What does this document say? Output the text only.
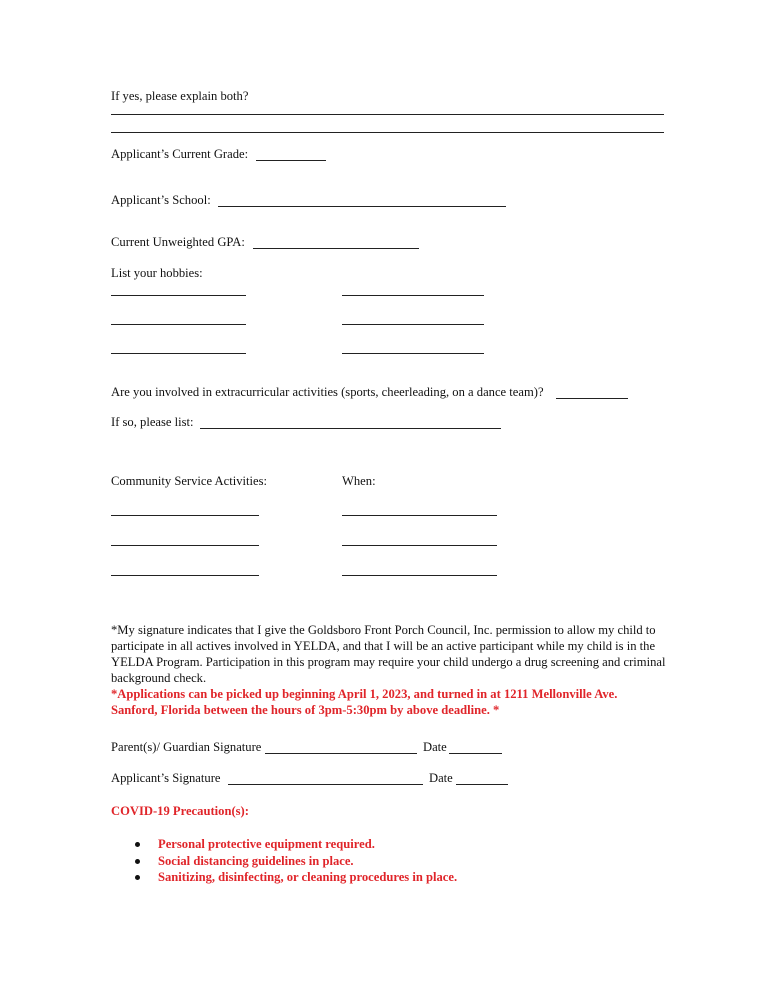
If yes, please explain both?
Applicant’s Current Grade:
Applicant’s School:
Current Unweighted GPA:
List your hobbies:
Are you involved in extracurricular activities (sports, cheerleading, on a dance team)?
If so, please list:
Community Service Activities:	When:
*My signature indicates that I give the Goldsboro Front Porch Council, Inc. permission to allow my child to participate in all actives involved in YELDA, and that I will be an active participant while my child is in the YELDA Program. Participation in this program may require your child undergo a drug screening and criminal background check.
*Applications can be picked up beginning April 1, 2023, and turned in at 1211 Mellonville Ave. Sanford, Florida between the hours of 3pm-5:30pm by above deadline. *
Parent(s)/ Guardian Signature	Date
Applicant’s Signature	Date
COVID-19 Precaution(s):
Personal protective equipment required.
Social distancing guidelines in place.
Sanitizing, disinfecting, or cleaning procedures in place.
